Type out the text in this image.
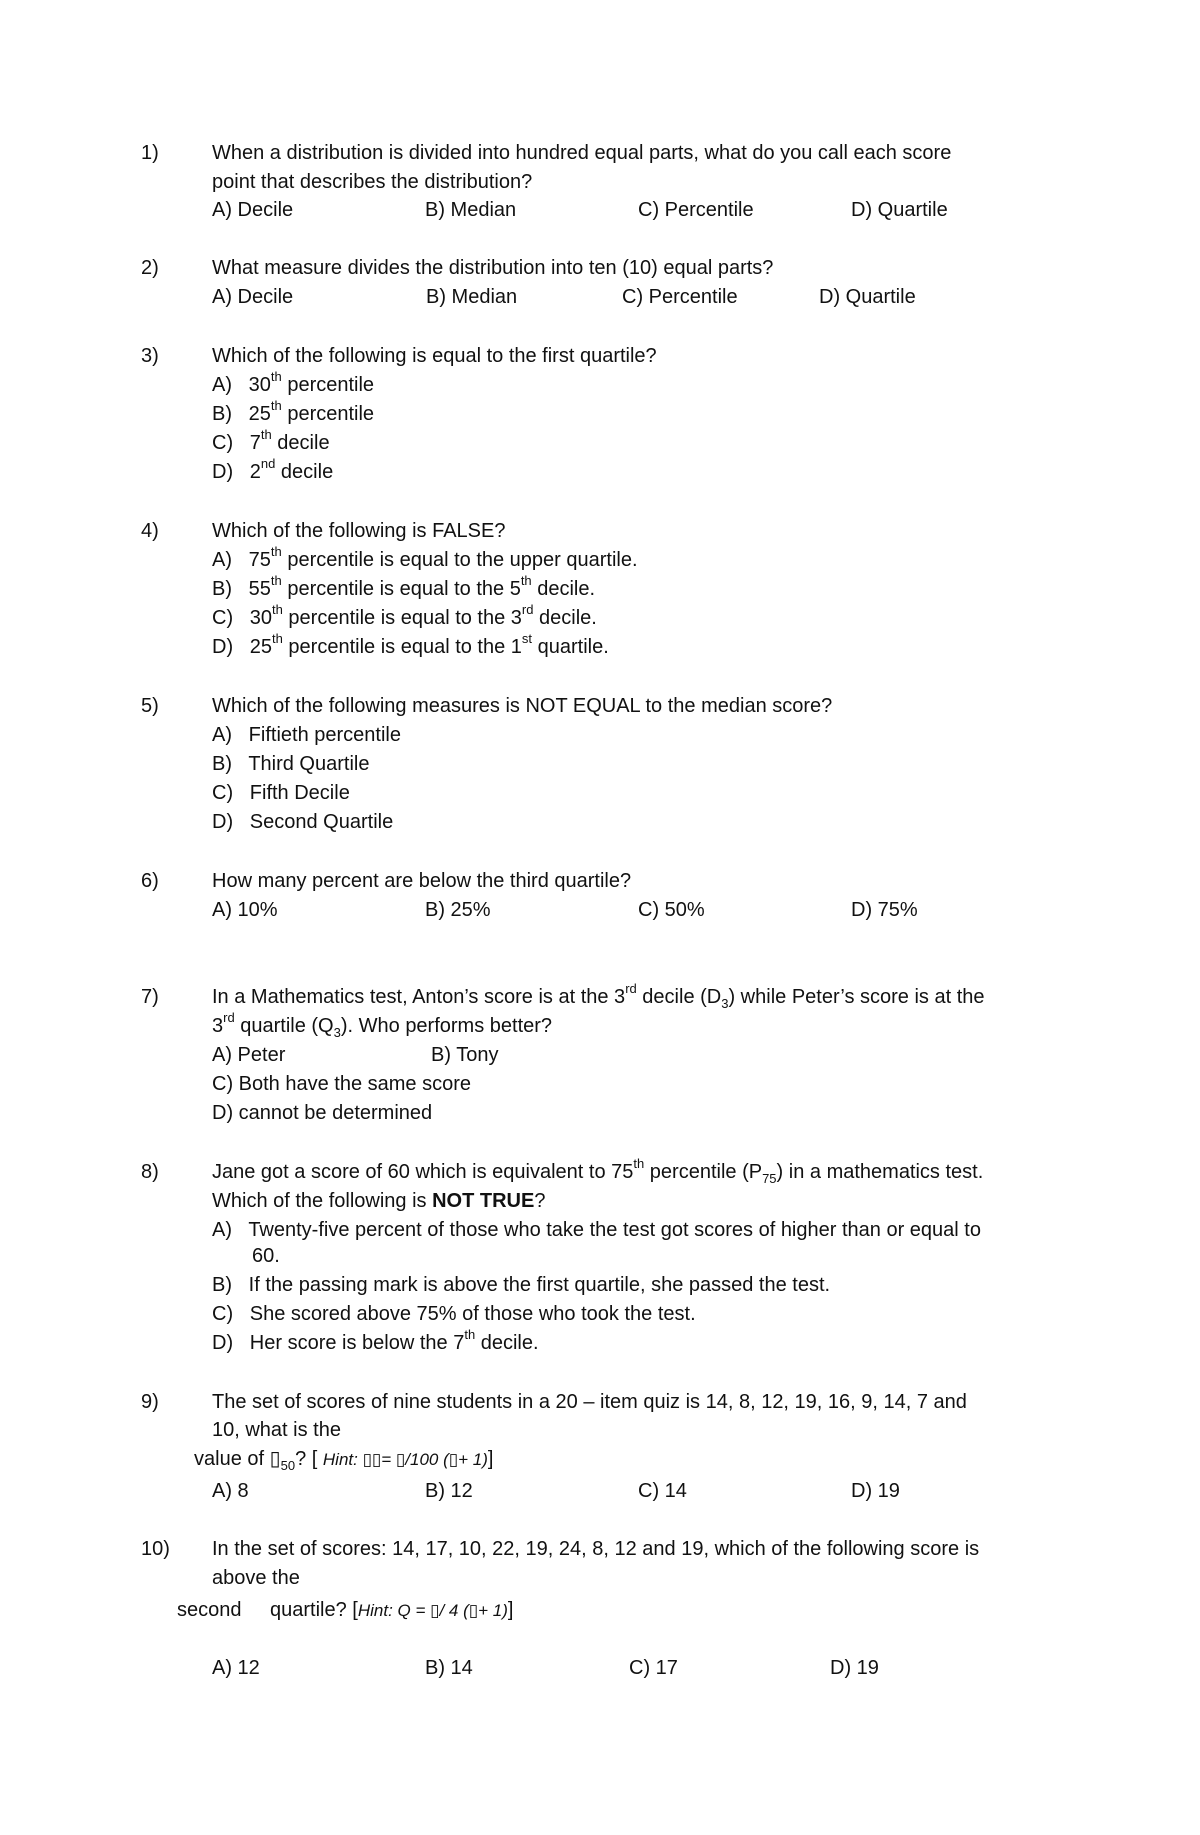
1)	When a distribution is divided into hundred equal parts, what do you call each score
point that describes the distribution?
A) Decile	B) Median	C) Percentile	D) Quartile
2)	What measure divides the distribution into ten (10) equal parts?
A) Decile	B) Median	C) Percentile	D) Quartile
3)	Which of the following is equal to the first quartile?
A) 30th percentile
B) 25th percentile
C) 7th decile
D) 2nd decile
4)	Which of the following is FALSE?
A) 75th percentile is equal to the upper quartile.
B) 55th percentile is equal to the 5th decile.
C) 30th percentile is equal to the 3rd decile.
D) 25th percentile is equal to the 1st quartile.
5)	Which of the following measures is NOT EQUAL to the median score?
A) Fiftieth percentile
B) Third Quartile
C) Fifth Decile
D) Second Quartile
6)	How many percent are below the third quartile?
A) 10%	B) 25%	C) 50%	D) 75%
7)	In a Mathematics test, Anton’s score is at the 3rd decile $(D_3)$ while Peter’s score is at the
3rd quartile $(Q_3)$. Who performs better?
A) Peter	B) Tony
C) Both have the same score
D) cannot be determined
8)	Jane got a score of 60 which is equivalent to 75th percentile $(P_{75})$ in a mathematics test.
Which of the following is NOT TRUE?
A) Twenty-five percent of those who take the test got scores of higher than or equal to
60.
B) If the passing mark is above the first quartile, she passed the test.
C) She scored above 75% of those who took the test.
D) Her score is below the 7th decile.
9)	The set of scores of nine students in a 20 – item quiz is 14, 8, 12, 19, 16, 9, 14, 7 and
10, what is the
value of $▯_{50}$? [ Hint: ▯▯= ▯/100 (▯+ 1)]
A) 8	B) 12	C) 14	D) 19
10) In the set of scores: 14, 17, 10, 22, 19, 24, 8, 12 and 19, which of the following score is
above the
second quartile? [Hint: Q = ▯/ 4 (▯+ 1)]
A) 12	B) 14	C) 17	D) 19
